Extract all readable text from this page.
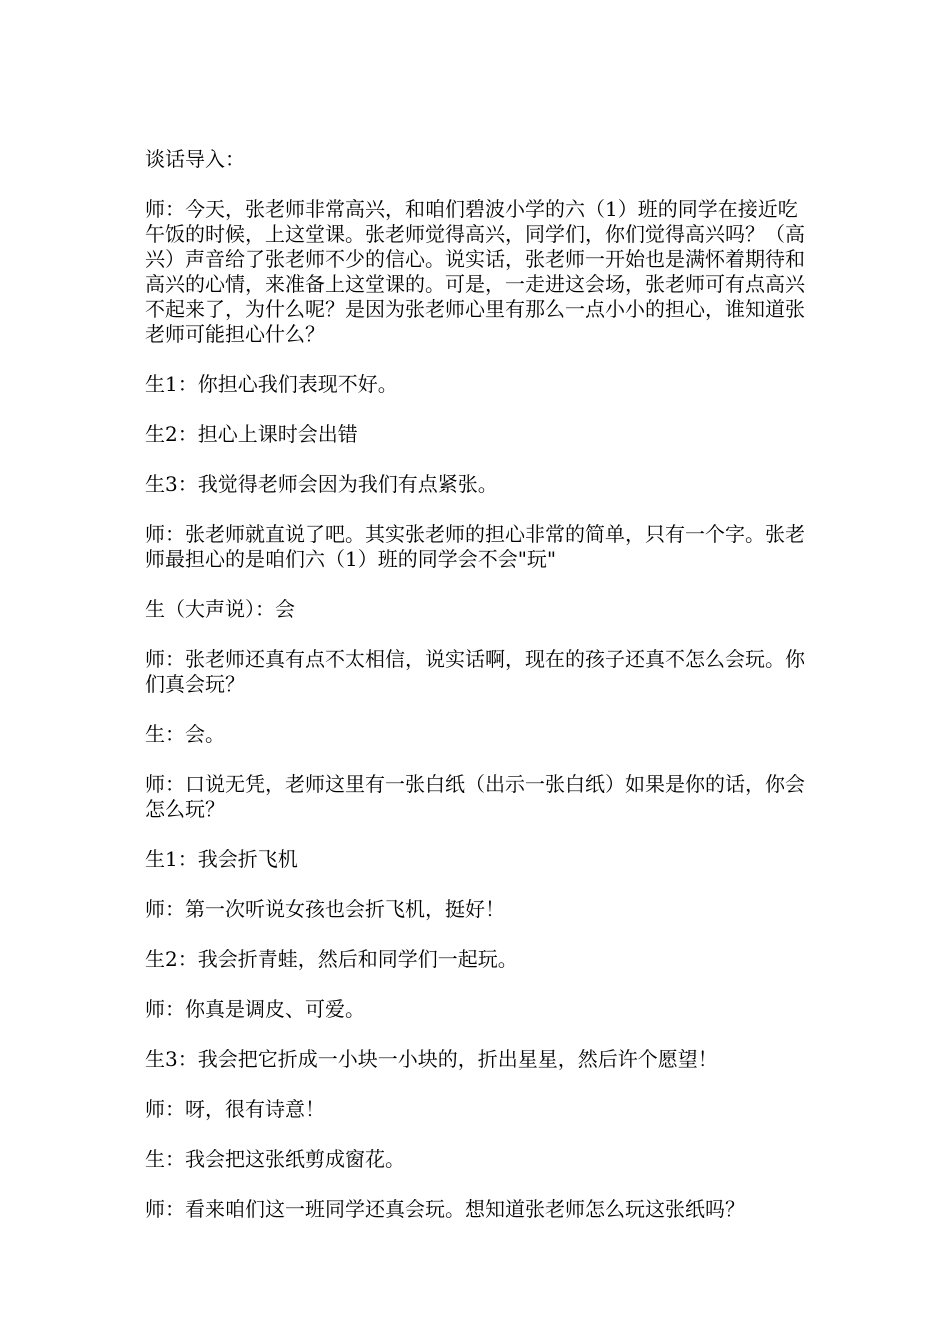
谈话导入：

师：今天，张老师非常高兴，和咱们碧波小学的六（1）班的同学在接近吃午饭的时候，上这堂课。张老师觉得高兴，同学们，你们觉得高兴吗？（高兴）声音给了张老师不少的信心。说实话，张老师一开始也是满怀着期待和高兴的心情，来准备上这堂课的。可是，一走进这会场，张老师可有点高兴不起来了，为什么呢？是因为张老师心里有那么一点小小的担心，谁知道张老师可能担心什么？

生1：你担心我们表现不好。

生2：担心上课时会出错

生3：我觉得老师会因为我们有点紧张。

师：张老师就直说了吧。其实张老师的担心非常的简单，只有一个字。张老师最担心的是咱们六（1）班的同学会不会"玩"

生（大声说）：会

师：张老师还真有点不太相信，说实话啊，现在的孩子还真不怎么会玩。你们真会玩？

生：会。

师：口说无凭，老师这里有一张白纸（出示一张白纸）如果是你的话，你会怎么玩？

生1：我会折飞机

师：第一次听说女孩也会折飞机，挺好！

生2：我会折青蛙，然后和同学们一起玩。

师：你真是调皮、可爱。

生3：我会把它折成一小块一小块的，折出星星，然后许个愿望！

师：呀，很有诗意！

生：我会把这张纸剪成窗花。

师：看来咱们这一班同学还真会玩。想知道张老师怎么玩这张纸吗？
